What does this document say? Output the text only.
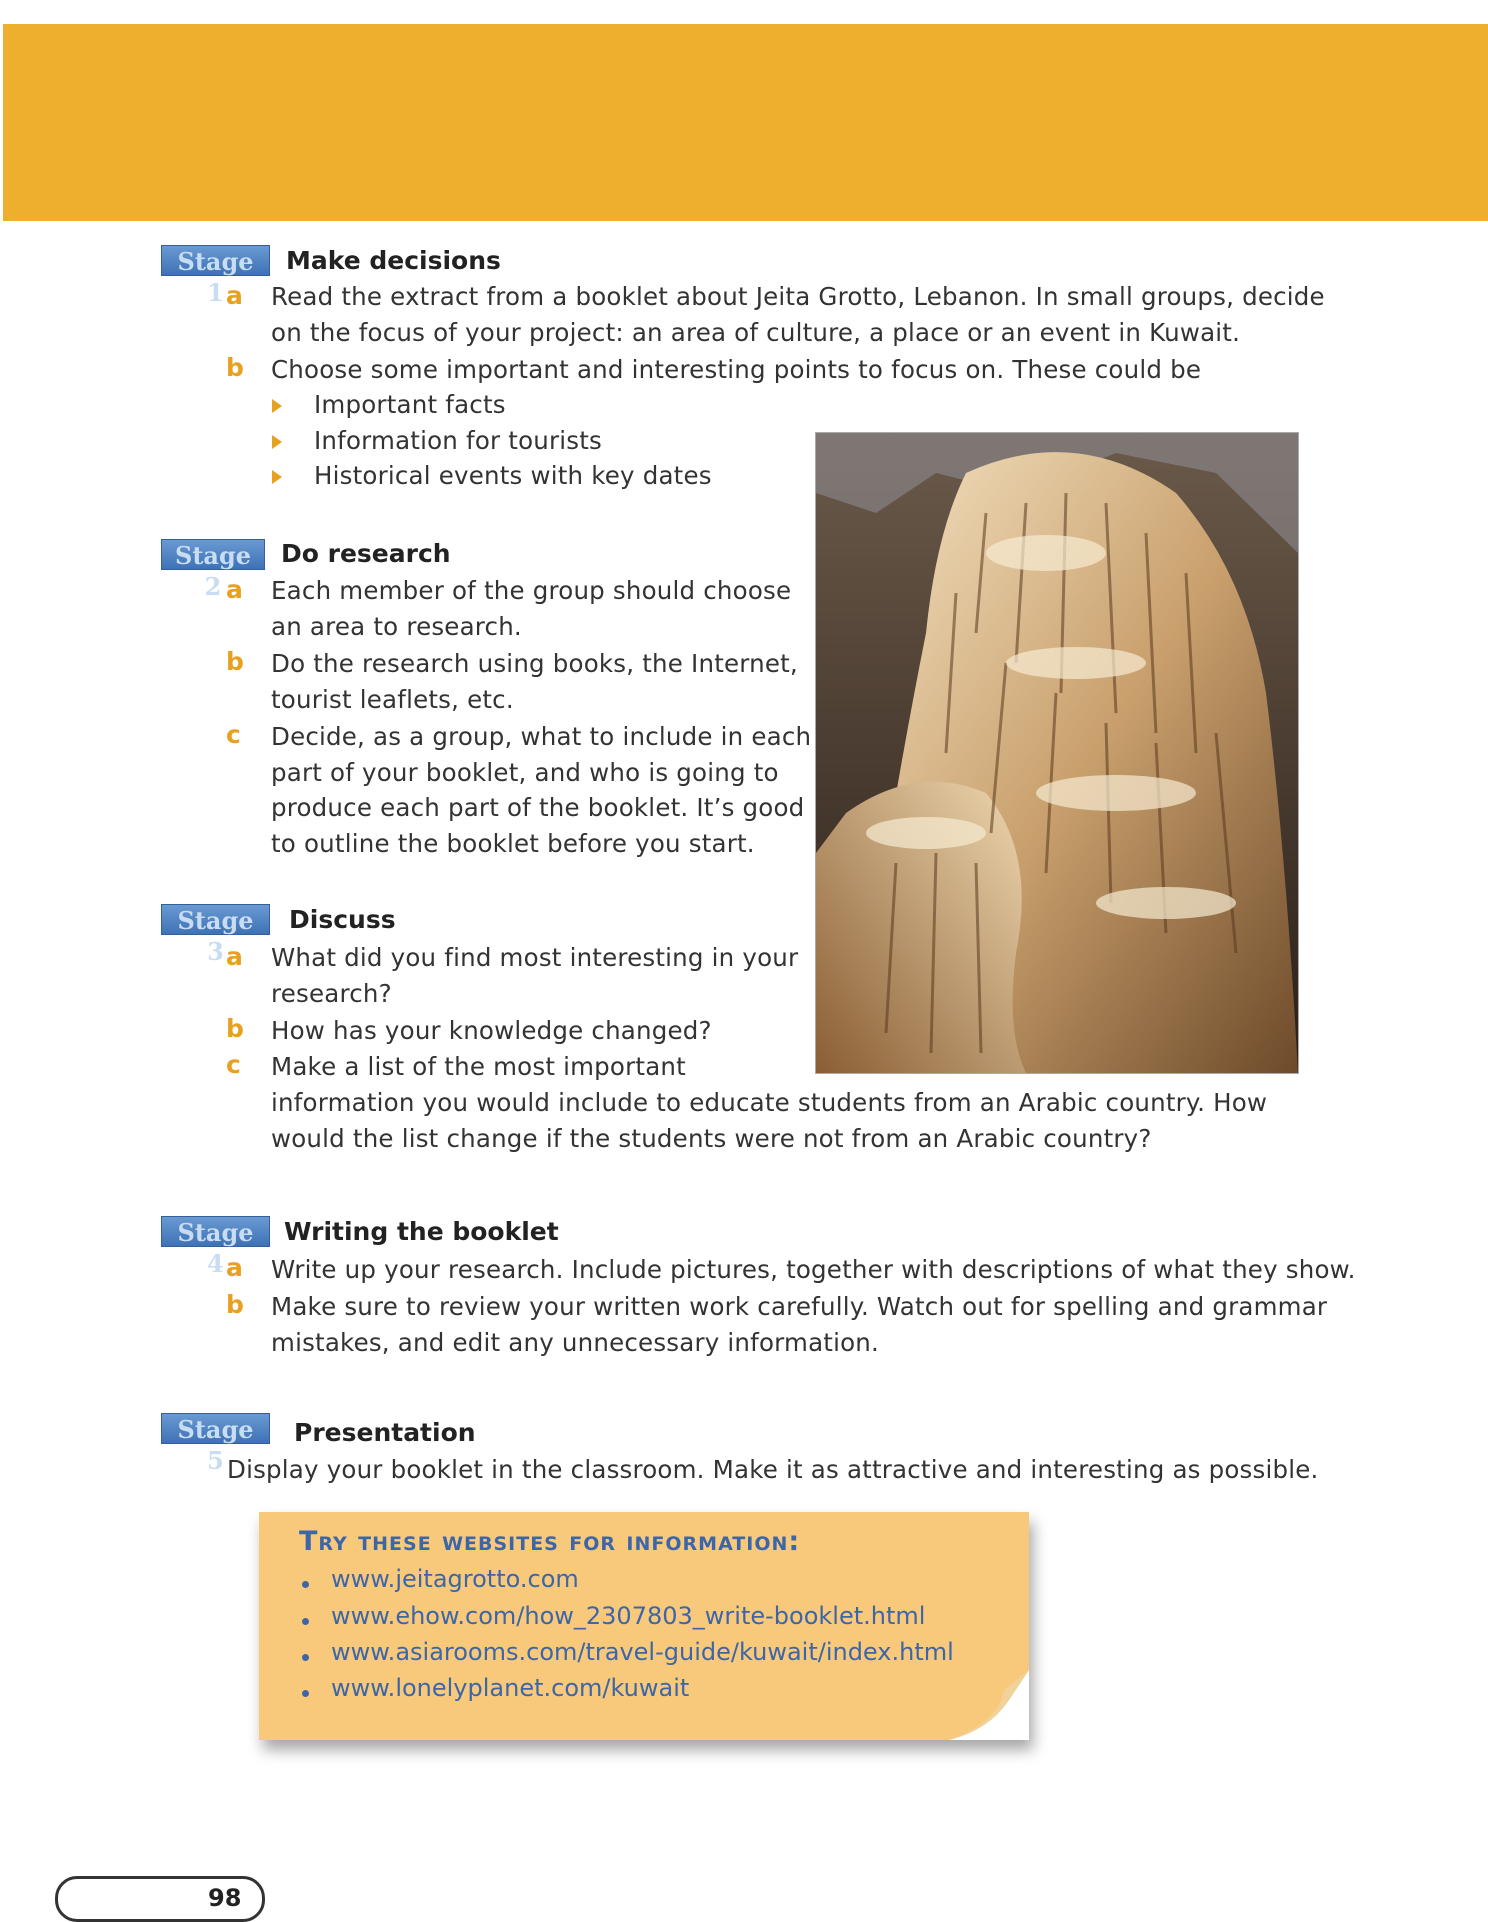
Stage 1
Make decisions
a Read the extract from a booklet about Jeita Grotto, Lebanon. In small groups, decide
on the focus of your project: an area of culture, a place or an event in Kuwait.
b Choose some important and interesting points to focus on. These could be
Important facts
Information for tourists
Historical events with key dates
Stage 2
Do research
a Each member of the group should choose
an area to research.
b Do the research using books, the Internet,
tourist leaflets, etc.
c Decide, as a group, what to include in each
part of your booklet, and who is going to
produce each part of the booklet. It’s good
to outline the booklet before you start.
Stage 3
Discuss
a What did you find most interesting in your
research?
b How has your knowledge changed?
c Make a list of the most important
information you would include to educate students from an Arabic country. How
would the list change if the students were not from an Arabic country?
Stage 4
Writing the booklet
a Write up your research. Include pictures, together with descriptions of what they show.
b Make sure to review your written work carefully. Watch out for spelling and grammar
mistakes, and edit any unnecessary information.
Stage 5
Presentation
Display your booklet in the classroom. Make it as attractive and interesting as possible.
Try these websites for information:
www.jeitagrotto.com
www.ehow.com/how_2307803_write-booklet.html
www.asiarooms.com/travel-guide/kuwait/index.html
www.lonelyplanet.com/kuwait
98
